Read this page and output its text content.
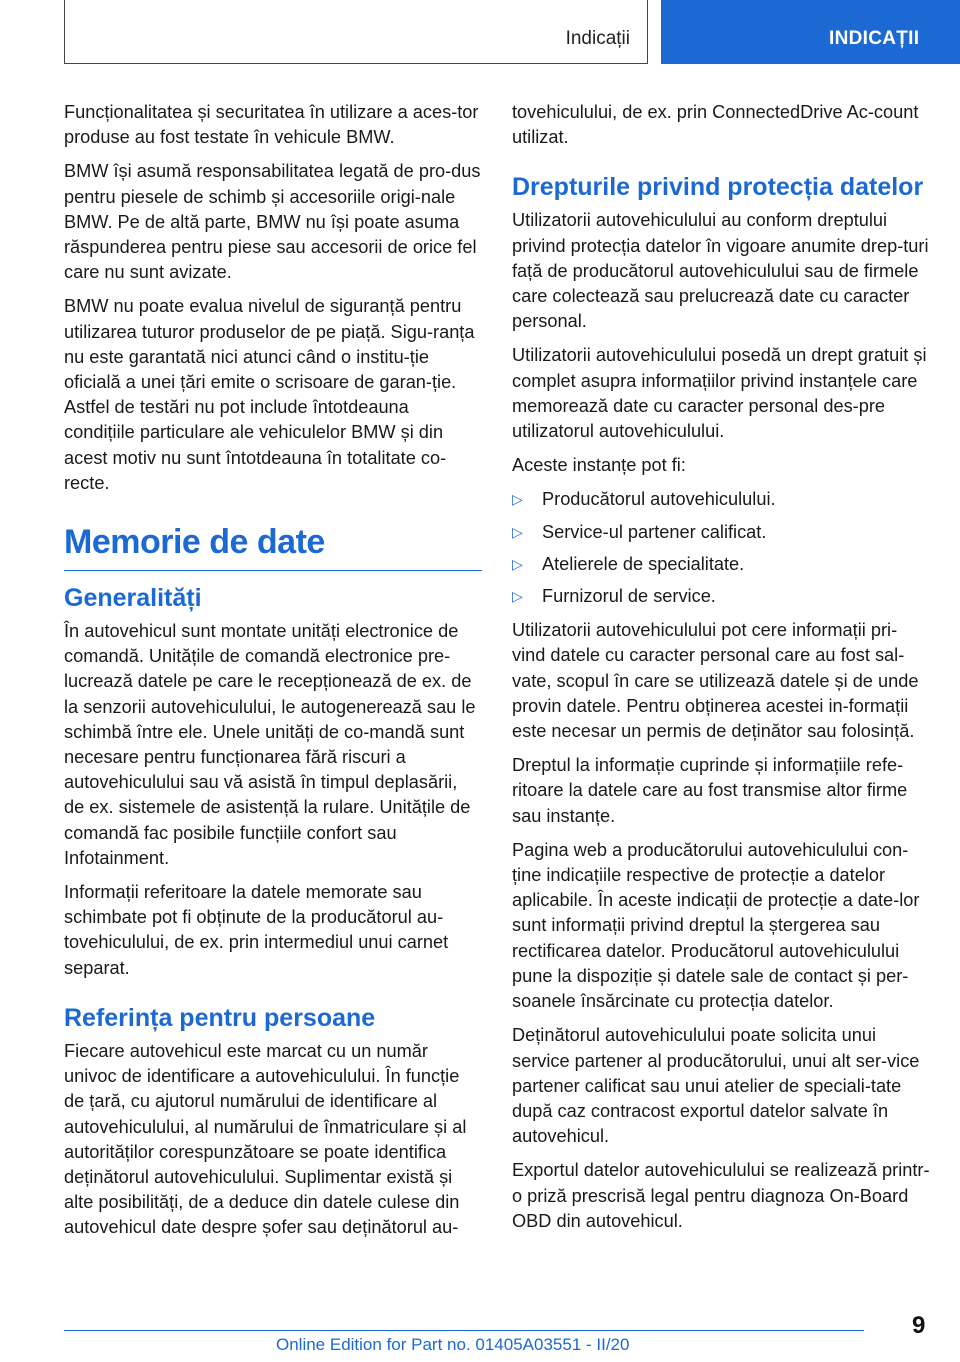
Indicații	INDICAȚII

Funcționalitatea și securitatea în utilizare a aces-tor produse au fost testate în vehicule BMW.

BMW își asumă responsabilitatea legată de pro-dus pentru piesele de schimb și accesoriile origi-nale BMW. Pe de altă parte, BMW nu își poate asuma răspunderea pentru piese sau accesorii de orice fel care nu sunt avizate.

BMW nu poate evalua nivelul de siguranță pentru utilizarea tuturor produselor de pe piață. Sigu-ranța nu este garantată nici atunci când o institu-ție oficială a unei țări emite o scrisoare de garan-ție. Astfel de testări nu pot include întotdeauna condițiile particulare ale vehiculelor BMW și din acest motiv nu sunt întotdeauna în totalitate co-recte.

Memorie de date
Generalități

În autovehicul sunt montate unități electronice de comandă. Unitățile de comandă electronice pre-lucrează datele pe care le recepționează de ex. de la senzorii autovehiculului, le autogenerează sau le schimbă între ele. Unele unități de co-mandă sunt necesare pentru funcționarea fără riscuri a autovehiculului sau vă asistă în timpul deplasării, de ex. sistemele de asistență la rulare. Unitățile de comandă fac posibile funcțiile confort sau Infotainment.

Informații referitoare la datele memorate sau schimbate pot fi obținute de la producătorul au-tovehiculului, de ex. prin intermediul unui carnet separat.

Referința pentru persoane

Fiecare autovehicul este marcat cu un număr univoc de identificare a autovehiculului. În funcție de țară, cu ajutorul numărului de identificare al autovehiculului, al numărului de înmatriculare și al autorităților corespunzătoare se poate identifica deținătorul autovehiculului. Suplimentar există și alte posibilități, de a deduce din datele culese din autovehicul date despre șofer sau deținătorul au-

tovehiculului, de ex. prin ConnectedDrive Ac-count utilizat.

Drepturile privind protecția datelor

Utilizatorii autovehiculului au conform dreptului privind protecția datelor în vigoare anumite drep-turi față de producătorul autovehiculului sau de firmele care colectează sau prelucrează date cu caracter personal.

Utilizatorii autovehiculului posedă un drept gratuit și complet asupra informațiilor privind instanțele care memorează date cu caracter personal des-pre utilizatorul autovehiculului.

Aceste instanțe pot fi:

▷ Producătorul autovehiculului.
▷ Service-ul partener calificat.
▷ Atelierele de specialitate.
▷ Furnizorul de service.

Utilizatorii autovehiculului pot cere informații pri-vind datele cu caracter personal care au fost sal-vate, scopul în care se utilizează datele și de unde provin datele. Pentru obținerea acestei in-formații este necesar un permis de deținător sau folosință.

Dreptul la informație cuprinde și informațiile refe-ritoare la datele care au fost transmise altor firme sau instanțe.

Pagina web a producătorului autovehiculului con-ține indicațiile respective de protecție a datelor aplicabile. În aceste indicații de protecție a date-lor sunt informații privind dreptul la ștergerea sau rectificarea datelor. Producătorul autovehiculului pune la dispoziție și datele sale de contact și per-soanele însărcinate cu protecția datelor.

Deținătorul autovehiculului poate solicita unui service partener al producătorului, unui alt ser-vice partener calificat sau unui atelier de speciali-tate după caz contracost exportul datelor salvate în autovehicul.

Exportul datelor autovehiculului se realizează printr-o priză prescrisă legal pentru diagnoza On-Board OBD din autovehicul.

9
Online Edition for Part no. 01405A03551 - II/20
